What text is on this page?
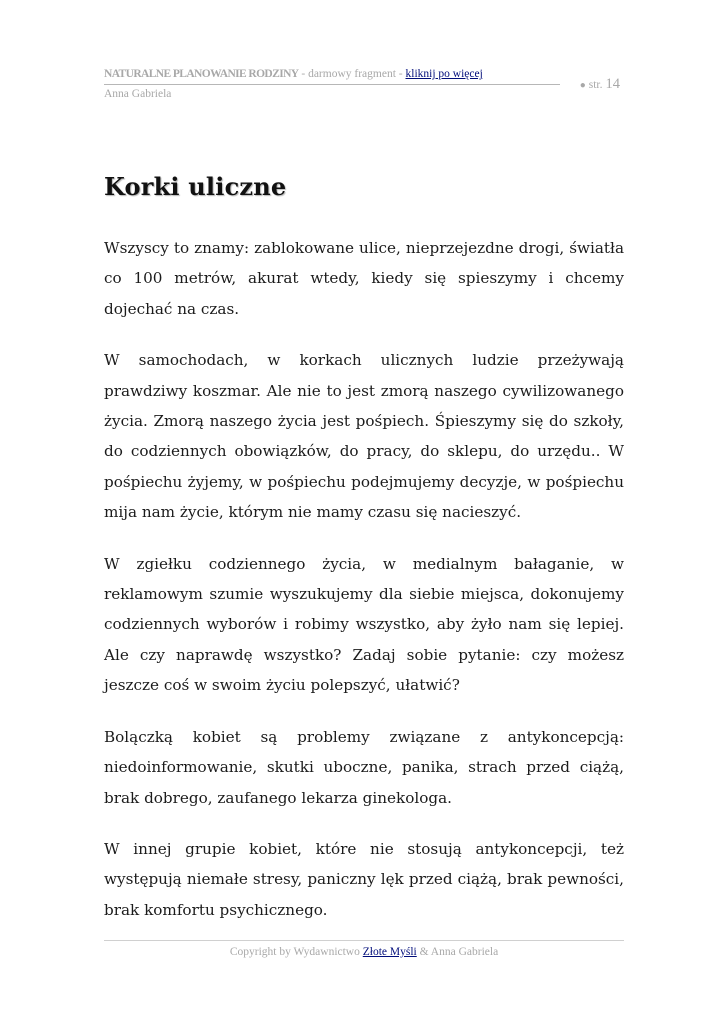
NATURALNE PLANOWANIE RODZINY - darmowy fragment - kliknij po więcej
Anna Gabriela
● str. 14
Korki uliczne

Wszyscy to znamy: zablokowane ulice, nieprzejezdne drogi, światła co 100 metrów, akurat wtedy, kiedy się spieszymy i chcemy dojechać na czas.

W samochodach, w korkach ulicznych ludzie przeżywają prawdziwy koszmar. Ale nie to jest zmorą naszego cywilizowanego życia. Zmorą naszego życia jest pośpiech. Śpieszymy się do szkoły, do codziennych obowiązków, do pracy, do sklepu, do urzędu.. W pośpiechu żyjemy, w pośpiechu podejmujemy decyzje, w pośpiechu mija nam życie, którym nie mamy czasu się nacieszyć.

W zgiełku codziennego życia, w medialnym bałaganie, w reklamowym szumie wyszukujemy dla siebie miejsca, dokonujemy codziennych wyborów i robimy wszystko, aby żyło nam się lepiej. Ale czy naprawdę wszystko? Zadaj sobie pytanie: czy możesz jeszcze coś w swoim życiu polepszyć, ułatwić?

Bolączką kobiet są problemy związane z antykoncepcją: niedoinformowanie, skutki uboczne, panika, strach przed ciążą, brak dobrego, zaufanego lekarza ginekologa.

W innej grupie kobiet, które nie stosują antykoncepcji, też występują niemałe stresy, paniczny lęk przed ciążą, brak pewności, brak komfortu psychicznego.

Copyright by Wydawnictwo Złote Myśli & Anna Gabriela
